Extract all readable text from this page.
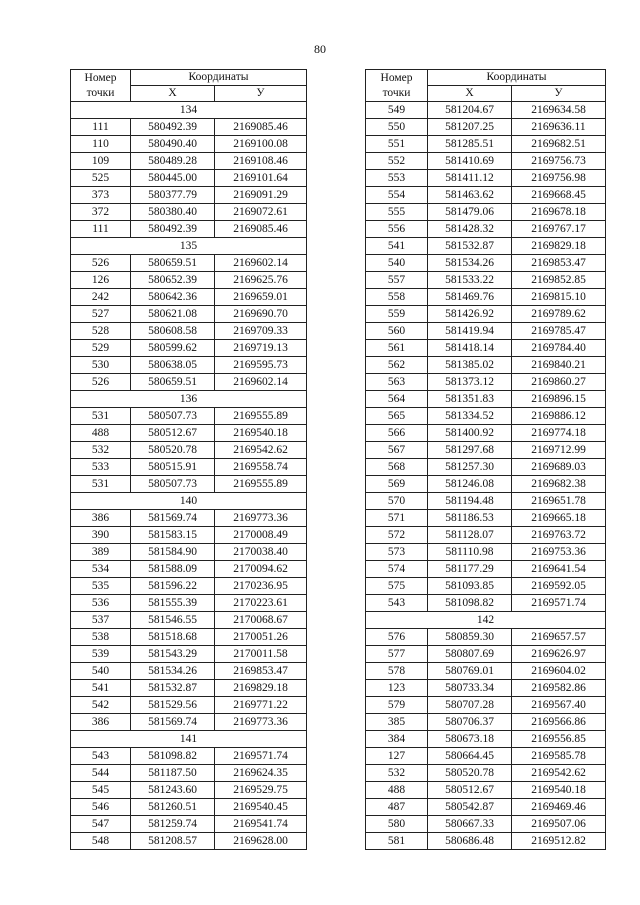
80
Номер
точки	Координаты	
	Х	У
134		
111	580492.39	2169085.46
110	580490.40	2169100.08
109	580489.28	2169108.46
525	580445.00	2169101.64
373	580377.79	2169091.29
372	580380.40	2169072.61
111	580492.39	2169085.46
135		
526	580659.51	2169602.14
126	580652.39	2169625.76
242	580642.36	2169659.01
527	580621.08	2169690.70
528	580608.58	2169709.33
529	580599.62	2169719.13
530	580638.05	2169595.73
526	580659.51	2169602.14
136		
531	580507.73	2169555.89
488	580512.67	2169540.18
532	580520.78	2169542.62
533	580515.91	2169558.74
531	580507.73	2169555.89
140		
386	581569.74	2169773.36
390	581583.15	2170008.49
389	581584.90	2170038.40
534	581588.09	2170094.62
535	581596.22	2170236.95
536	581555.39	2170223.61
537	581546.55	2170068.67
538	581518.68	2170051.26
539	581543.29	2170011.58
540	581534.26	2169853.47
541	581532.87	2169829.18
542	581529.56	2169771.22
386	581569.74	2169773.36
141		
543	581098.82	2169571.74
544	581187.50	2169624.35
545	581243.60	2169529.75
546	581260.51	2169540.45
547	581259.74	2169541.74
548	581208.57	2169628.00
Номер
точки	Координаты	
	Х	У
549	581204.67	2169634.58
550	581207.25	2169636.11
551	581285.51	2169682.51
552	581410.69	2169756.73
553	581411.12	2169756.98
554	581463.62	2169668.45
555	581479.06	2169678.18
556	581428.32	2169767.17
541	581532.87	2169829.18
540	581534.26	2169853.47
557	581533.22	2169852.85
558	581469.76	2169815.10
559	581426.92	2169789.62
560	581419.94	2169785.47
561	581418.14	2169784.40
562	581385.02	2169840.21
563	581373.12	2169860.27
564	581351.83	2169896.15
565	581334.52	2169886.12
566	581400.92	2169774.18
567	581297.68	2169712.99
568	581257.30	2169689.03
569	581246.08	2169682.38
570	581194.48	2169651.78
571	581186.53	2169665.18
572	581128.07	2169763.72
573	581110.98	2169753.36
574	581177.29	2169641.54
575	581093.85	2169592.05
543	581098.82	2169571.74
142		
576	580859.30	2169657.57
577	580807.69	2169626.97
578	580769.01	2169604.02
123	580733.34	2169582.86
579	580707.28	2169567.40
385	580706.37	2169566.86
384	580673.18	2169556.85
127	580664.45	2169585.78
532	580520.78	2169542.62
488	580512.67	2169540.18
487	580542.87	2169469.46
580	580667.33	2169507.06
581	580686.48	2169512.82
